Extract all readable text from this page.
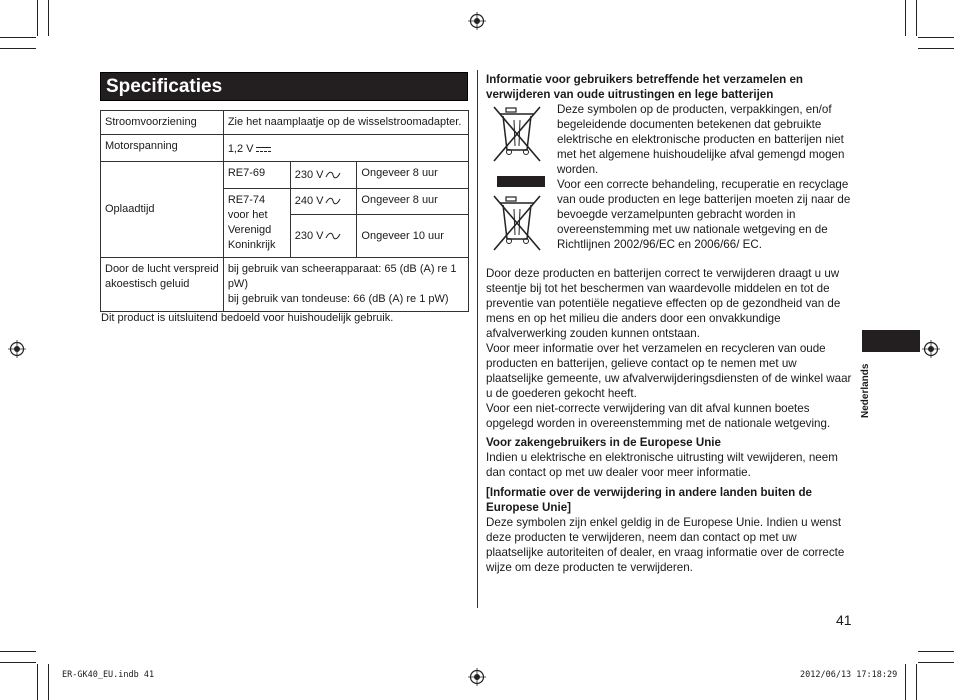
Specificaties
Stroomvoorziening	Zie het naamplaatje op de wisselstroomadapter.		
Motorspanning	1,2 V		
Oplaadtijd	RE7-69	230 V	Ongeveer 8 uur
	RE7-74 voor het Verenigd Koninkrijk	240 V	Ongeveer 8 uur
		230 V	Ongeveer 10 uur
Door de lucht verspreid akoestisch geluid	bij gebruik van scheerapparaat: 65 (dB (A) re 1 pW)
bij gebruik van tondeuse: 66 (dB (A) re 1 pW)		
Dit product is uitsluitend bedoeld voor huishoudelijk gebruik.
Informatie voor gebruikers betreffende het verzamelen en verwijderen van oude uitrustingen en lege batterijen
Deze symbolen op de producten, verpakkingen, en/of begeleidende documenten betekenen dat gebruikte elektrische en elektronische producten en batterijen niet met het algemene huishoudelijke afval gemengd mogen worden.
Voor een correcte behandeling, recuperatie en recyclage van oude producten en lege batterijen moeten zij naar de bevoegde verzamelpunten gebracht worden in overeenstemming met uw nationale wetgeving en de Richtlijnen 2002/96/EC en 2006/66/ EC.
Door deze producten en batterijen correct te verwijderen draagt u uw steentje bij tot het beschermen van waardevolle middelen en tot de preventie van potentiële negatieve effecten op de gezondheid van de mens en op het milieu die anders door een onvakkundige afvalverwerking zouden kunnen ontstaan.
Voor meer informatie over het verzamelen en recycleren van oude producten en batterijen, gelieve contact op te nemen met uw plaatselijke gemeente, uw afvalverwijderingsdiensten of de winkel waar u de goederen gekocht heeft.
Voor een niet-correcte verwijdering van dit afval kunnen boetes opgelegd worden in overeenstemming met de nationale wetgeving.
Voor zakengebruikers in de Europese Unie
Indien u elektrische en elektronische uitrusting wilt vewijderen, neem dan contact op met uw dealer voor meer informatie.
[Informatie over de verwijdering in andere landen buiten de Europese Unie]
Deze symbolen zijn enkel geldig in de Europese Unie. Indien u wenst deze producten te verwijderen, neem dan contact op met uw plaatselijke autoriteiten of dealer, en vraag informatie over de correcte wijze om deze producten te verwijderen.
Nederlands
41
ER-GK40_EU.indb 41	2012/06/13 17:18:29
